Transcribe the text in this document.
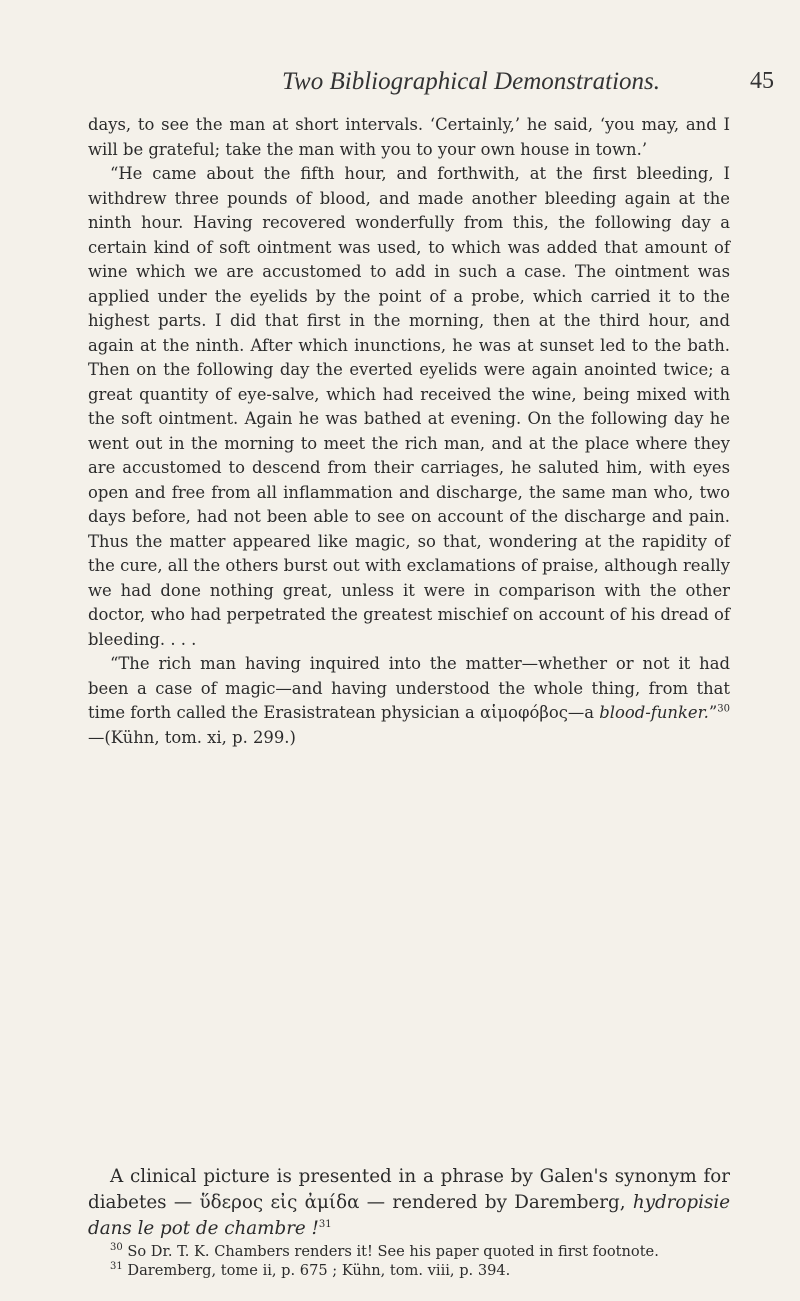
Two Bibliographical Demonstrations.	45

days, to see the man at short intervals. ‘Certainly,’ he said, ‘you may, and I will be grateful; take the man with you to your own house in town.’

“He came about the fifth hour, and forthwith, at the first bleeding, I withdrew three pounds of blood, and made another bleeding again at the ninth hour. Having recovered wonderfully from this, the following day a certain kind of soft ointment was used, to which was added that amount of wine which we are accustomed to add in such a case. The ointment was applied under the eyelids by the point of a probe, which carried it to the highest parts. I did that first in the morning, then at the third hour, and again at the ninth. After which inunctions, he was at sunset led to the bath. Then on the following day the everted eyelids were again anointed twice; a great quantity of eye-salve, which had received the wine, being mixed with the soft ointment. Again he was bathed at evening. On the following day he went out in the morning to meet the rich man, and at the place where they are accustomed to descend from their carriages, he saluted him, with eyes open and free from all inflammation and discharge, the same man who, two days before, had not been able to see on account of the discharge and pain. Thus the matter appeared like magic, so that, wondering at the rapidity of the cure, all the others burst out with exclamations of praise, although really we had done nothing great, unless it were in comparison with the other doctor, who had perpetrated the greatest mischief on account of his dread of bleeding. . . .

“The rich man having inquired into the matter—whether or not it had been a case of magic—and having understood the whole thing, from that time forth called the Erasistratean physician a αἱμοφόβος—a blood-funker.”$^{30}$—(Kühn, tom. xi, p. 299.)

A clinical picture is presented in a phrase by Galen's synonym for diabetes — ὕδερος εἰς ἀμίδα — rendered by Daremberg, hydropisie dans le pot de chambre !$^{31}$

$^{30}$ So Dr. T. K. Chambers renders it! See his paper quoted in first footnote.

$^{31}$ Daremberg, tome ii, p. 675 ; Kühn, tom. viii, p. 394.
